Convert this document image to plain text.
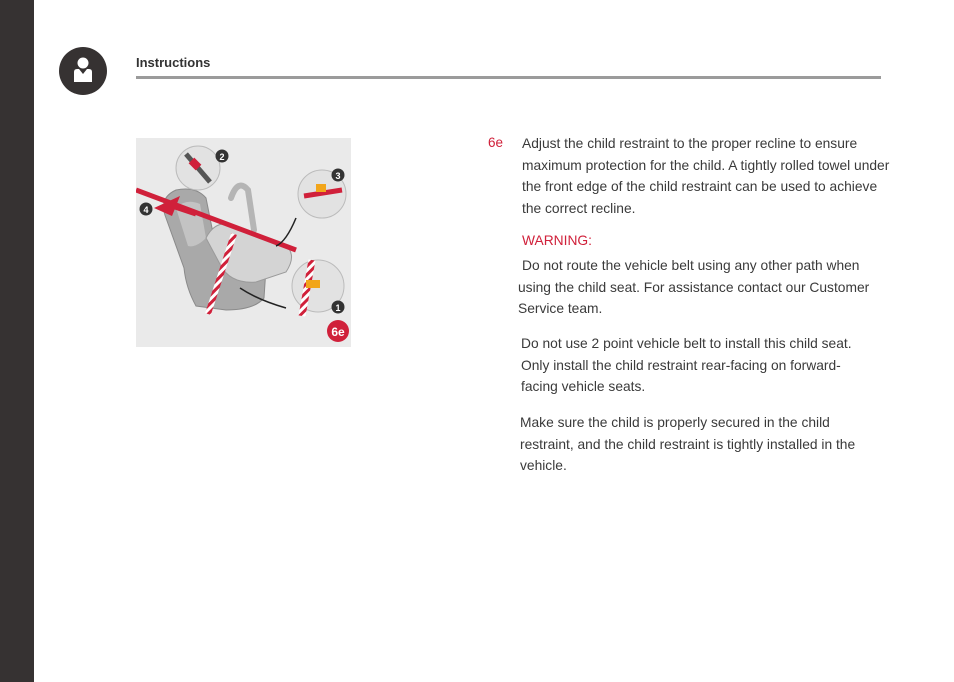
Instructions
2
3
4
1
6e
6e Adjust the child restraint to the proper recline to ensure maximum protection for the child. A tightly rolled towel under the front edge of the child restraint can be used to achieve the correct recline.

WARNING:

Do not route the vehicle belt using any other path when using the child seat. For assistance contact our Customer Service team.

Do not use 2 point vehicle belt to install this child seat. Only install the child restraint rear-facing on forward-facing vehicle seats.

Make sure the child is properly secured in the child restraint, and the child restraint is tightly installed in the vehicle.
